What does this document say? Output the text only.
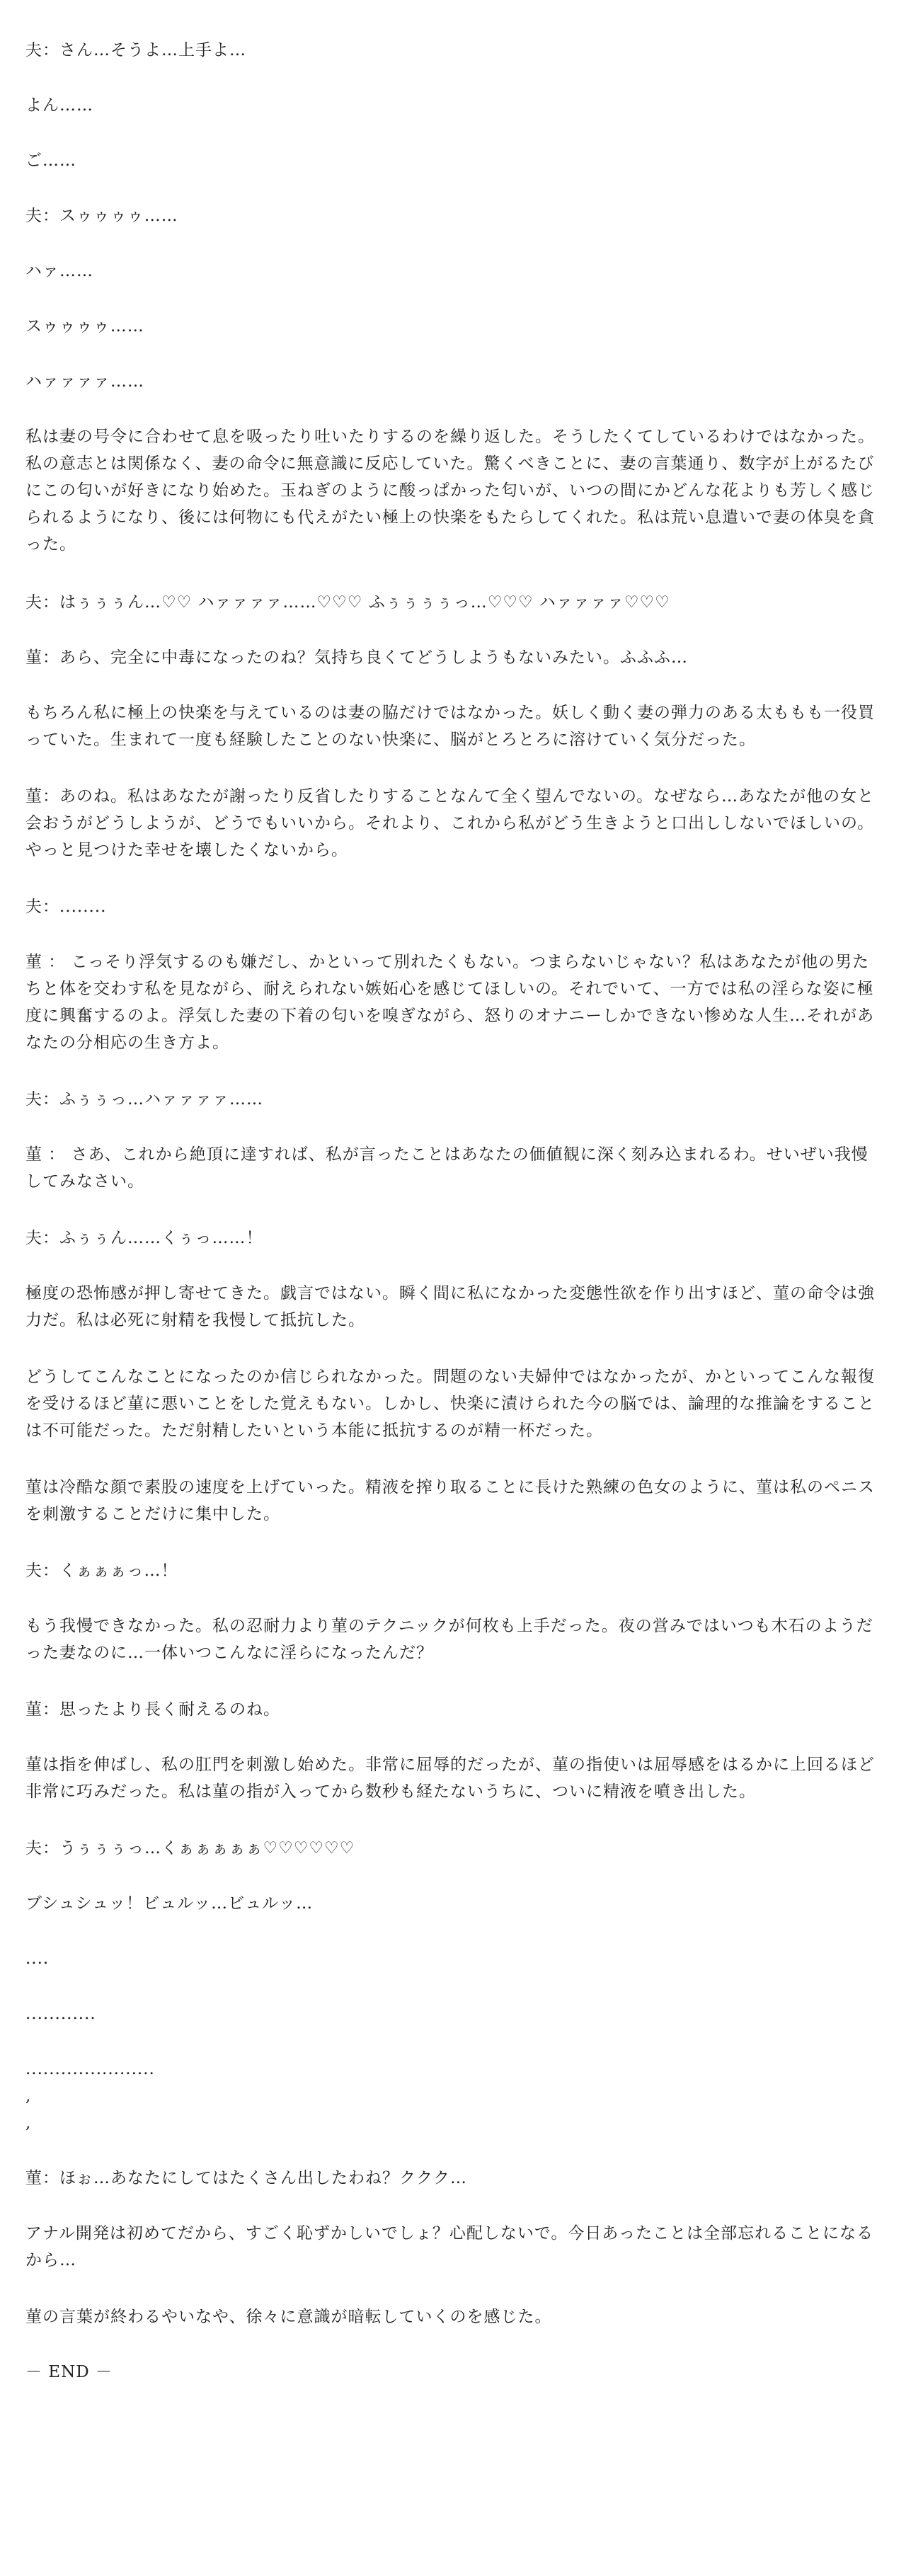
夫：さん…そうよ…上手よ…

よん……

ご……

夫：スゥゥゥゥ……

ハァ……

スゥゥゥゥ……

ハァァァァ……

私は妻の号令に合わせて息を吸ったり吐いたりするのを繰り返した。そうしたくてしているわけではなかった。私の意志とは関係なく、妻の命令に無意識に反応していた。驚くべきことに、妻の言葉通り、数字が上がるたびにこの匂いが好きになり始めた。玉ねぎのように酸っぱかった匂いが、いつの間にかどんな花よりも芳しく感じられるようになり、後には何物にも代えがたい極上の快楽をもたらしてくれた。私は荒い息遣いで妻の体臭を貪った。

夫：はぅぅぅん…♡♡ ハァァァァ……♡♡♡ ふぅぅぅぅっ…♡♡♡ ハァァァァ♡♡♡

菫：あら、完全に中毒になったのね？気持ち良くてどうしようもないみたい。ふふふ…

もちろん私に極上の快楽を与えているのは妻の脇だけではなかった。妖しく動く妻の弾力のある太ももも一役買っていた。生まれて一度も経験したことのない快楽に、脳がとろとろに溶けていく気分だった。

菫：あのね。私はあなたが謝ったり反省したりすることなんて全く望んでないの。なぜなら…あなたが他の女と会おうがどうしようが、どうでもいいから。それより、これから私がどう生きようと口出ししないでほしいの。やっと見つけた幸せを壊したくないから。

夫：........

菫 ： こっそり浮気するのも嫌だし、かといって別れたくもない。つまらないじゃない？私はあなたが他の男たちと体を交わす私を見ながら、耐えられない嫉妬心を感じてほしいの。それでいて、一方では私の淫らな姿に極度に興奮するのよ。浮気した妻の下着の匂いを嗅ぎながら、怒りのオナニーしかできない惨めな人生…それがあなたの分相応の生き方よ。

夫：ふぅぅっ…ハァァァァ……

菫 ： さあ、これから絶頂に達すれば、私が言ったことはあなたの価値観に深く刻み込まれるわ。せいぜい我慢してみなさい。

夫：ふぅぅん……くぅっ……！

極度の恐怖感が押し寄せてきた。戯言ではない。瞬く間に私になかった変態性欲を作り出すほど、菫の命令は強力だ。私は必死に射精を我慢して抵抗した。

どうしてこんなことになったのか信じられなかった。問題のない夫婦仲ではなかったが、かといってこんな報復を受けるほど菫に悪いことをした覚えもない。しかし、快楽に漬けられた今の脳では、論理的な推論をすることは不可能だった。ただ射精したいという本能に抵抗するのが精一杯だった。

菫は冷酷な顔で素股の速度を上げていった。精液を搾り取ることに長けた熟練の色女のように、菫は私のペニスを刺激することだけに集中した。

夫：くぁぁぁっ…！

もう我慢できなかった。私の忍耐力より菫のテクニックが何枚も上手だった。夜の営みではいつも木石のようだった妻なのに…一体いつこんなに淫らになったんだ？

菫：思ったより長く耐えるのね。

菫は指を伸ばし、私の肛門を刺激し始めた。非常に屈辱的だったが、菫の指使いは屈辱感をはるかに上回るほど非常に巧みだった。私は菫の指が入ってから数秒も経たないうちに、ついに精液を噴き出した。

夫：うぅぅぅっ…くぁぁぁぁぁ♡♡♡♡♡♡

ブシュシュッ！ビュルッ…ビュルッ…

....

............

......................

,

,

菫：ほぉ…あなたにしてはたくさん出したわね？ククク…

アナル開発は初めてだから、すごく恥ずかしいでしょ？心配しないで。今日あったことは全部忘れることになるから…

菫の言葉が終わるやいなや、徐々に意識が暗転していくのを感じた。

－ END －
